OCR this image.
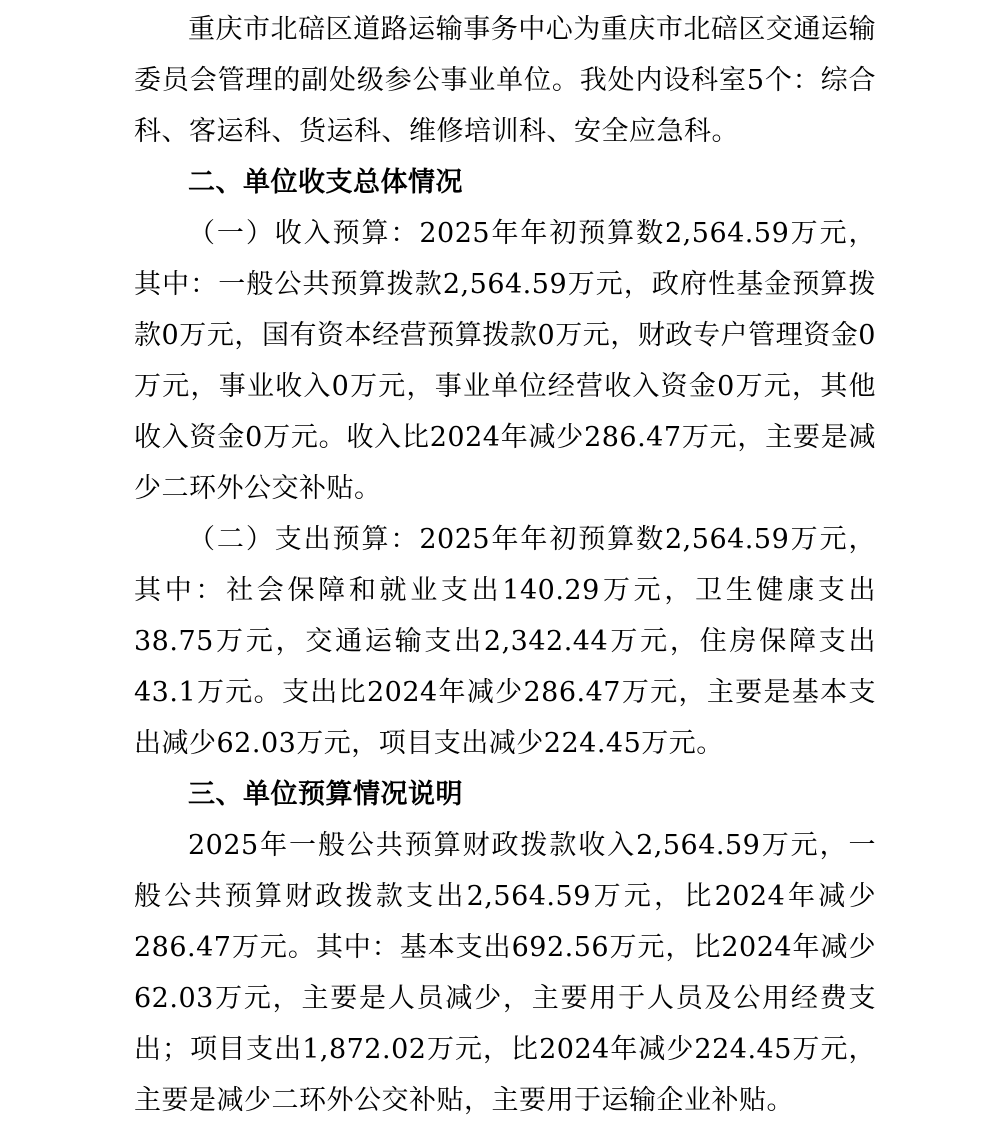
重庆市北碚区道路运输事务中心为重庆市北碚区交通运输委员会管理的副处级参公事业单位。我处内设科室5个：综合科、客运科、货运科、维修培训科、安全应急科。

二、单位收支总体情况

（一）收入预算：2025年年初预算数2,564.59万元，其中：一般公共预算拨款2,564.59万元，政府性基金预算拨款0万元，国有资本经营预算拨款0万元，财政专户管理资金0万元，事业收入0万元，事业单位经营收入资金0万元，其他收入资金0万元。收入比2024年减少286.47万元，主要是减少二环外公交补贴。

（二）支出预算：2025年年初预算数2,564.59万元，其中：社会保障和就业支出140.29万元，卫生健康支出38.75万元，交通运输支出2,342.44万元，住房保障支出43.1万元。支出比2024年减少286.47万元，主要是基本支出减少62.03万元，项目支出减少224.45万元。

三、单位预算情况说明

2025年一般公共预算财政拨款收入2,564.59万元，一般公共预算财政拨款支出2,564.59万元，比2024年减少286.47万元。其中：基本支出692.56万元，比2024年减少62.03万元，主要是人员减少，主要用于人员及公用经费支出；项目支出1,872.02万元，比2024年减少224.45万元，主要是减少二环外公交补贴，主要用于运输企业补贴。
